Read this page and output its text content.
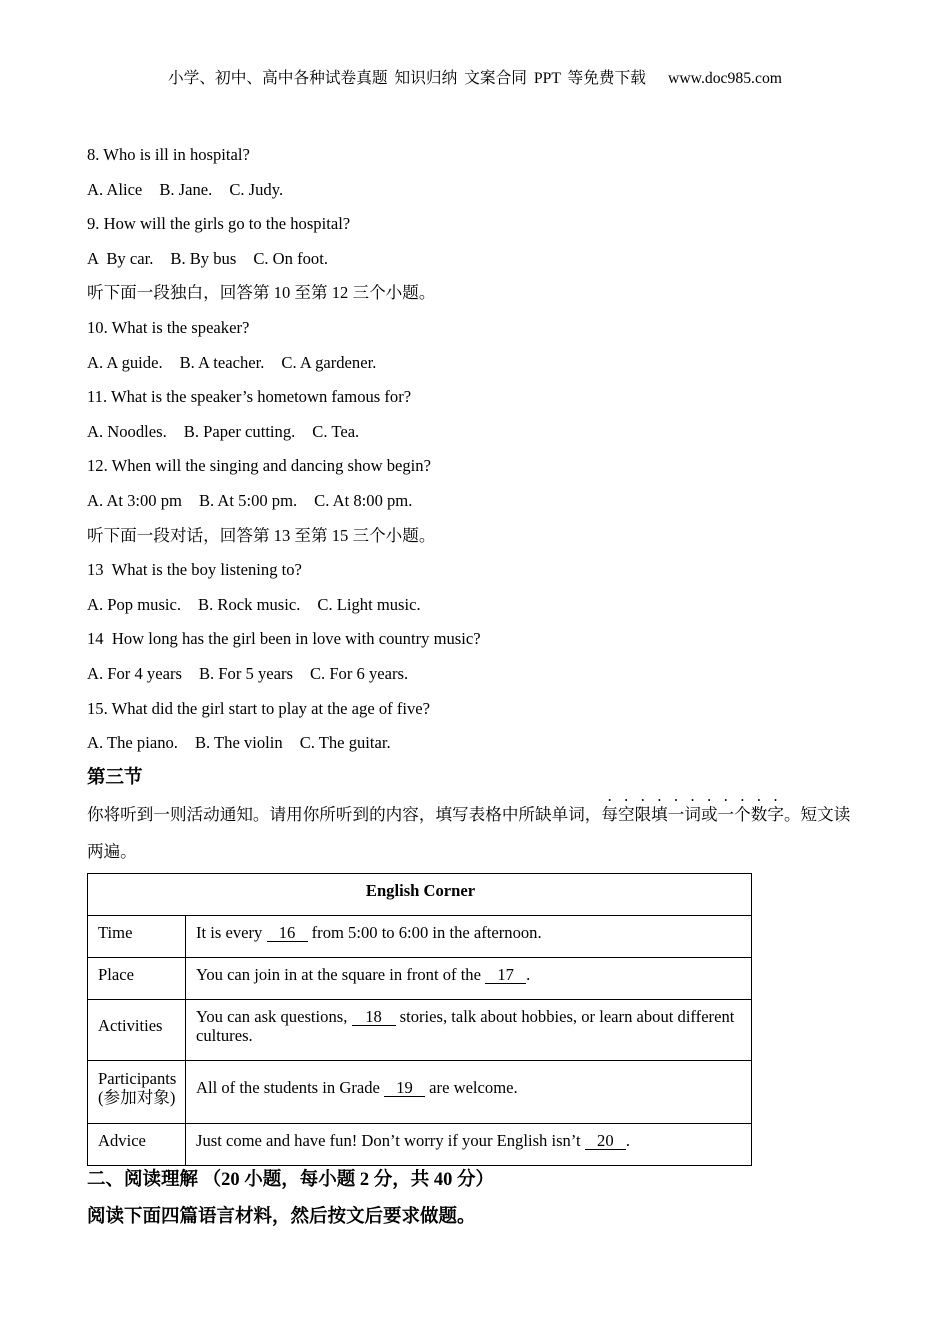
小学、初中、高中各种试卷真题 知识归纳 文案合同 PPT 等免费下载 www.doc985.com
8. Who is ill in hospital?
A. Alice B. Jane. C. Judy.
9. How will the girls go to the hospital?
A  By car. B. By bus C. On foot.
听下面一段独白，回答第 10 至第 12 三个小题。
10. What is the speaker?
A. A guide. B. A teacher. C. A gardener.
11. What is the speaker’s hometown famous for?
A. Noodles. B. Paper cutting. C. Tea.
12. When will the singing and dancing show begin?
A. At 3:00 pm B. At 5:00 pm. C. At 8:00 pm.
听下面一段对话，回答第 13 至第 15 三个小题。
13  What is the boy listening to?
A. Pop music. B. Rock music. C. Light music.
14  How long has the girl been in love with country music?
A. For 4 years B. For 5 years C. For 6 years.
15. What did the girl start to play at the age of five?
A. The piano. B. The violin C. The guitar.
第三节
你将听到一则活动通知。请用你所听到的内容，填写表格中所缺单词，每空限填一词或一个数字。短文读
两遍。
English Corner	
Time	It is every 16 from 5:00 to 6:00 in the afternoon.
Place	You can join in at the square in front of the 17 .
Activities	You can ask questions, 18 stories, talk about hobbies, or learn about different cultures.

Participants
(参加对象)	All of the students in Grade 19 are welcome.
Advice	Just come and have fun! Don’t worry if your English isn’t 20 .
二、阅读理解 （20 小题，每小题 2 分，共 40 分）
阅读下面四篇语言材料，然后按文后要求做题。
